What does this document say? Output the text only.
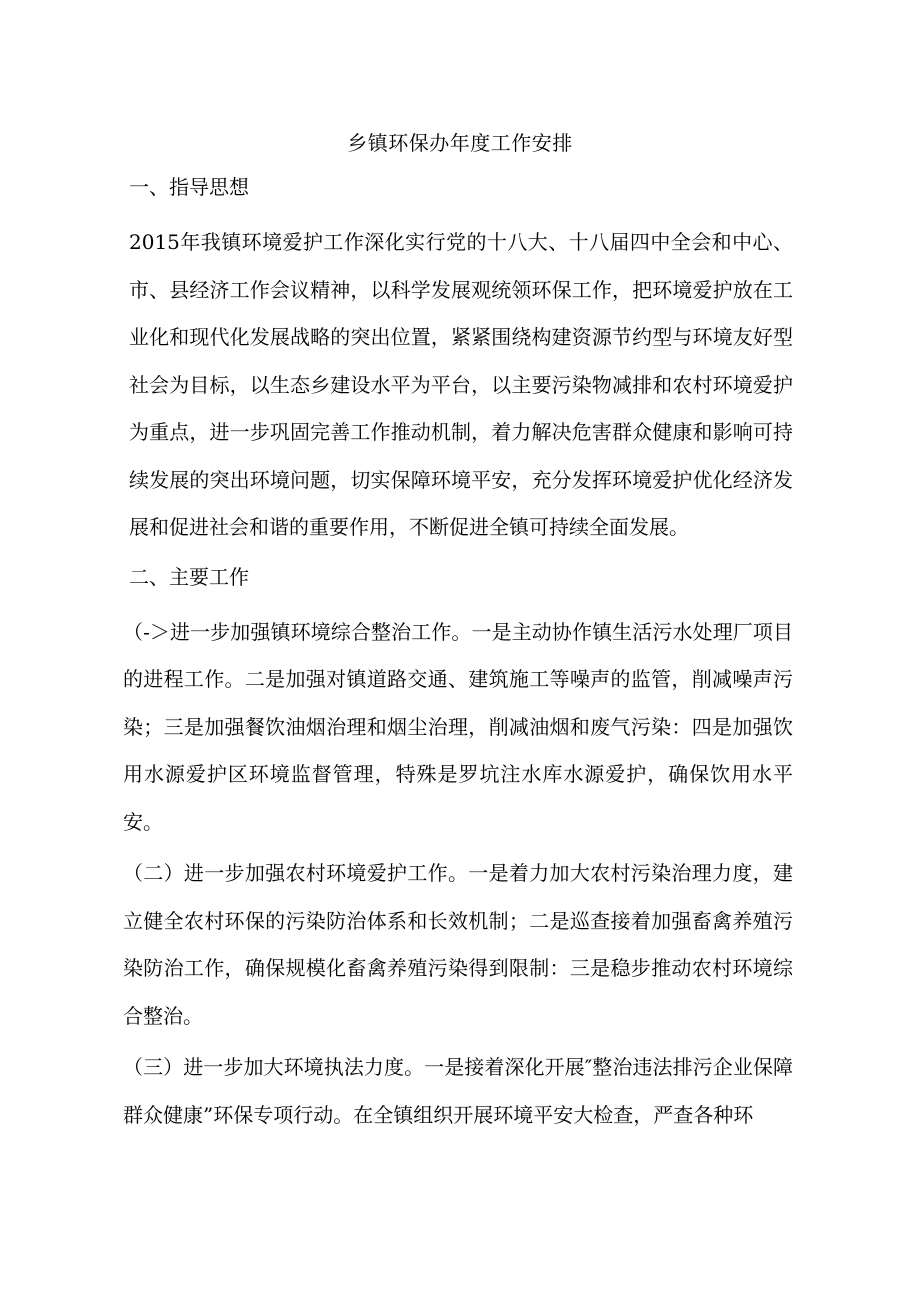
乡镇环保办年度工作安排
一、指导思想

2015年我镇环境爱护工作深化实行党的十八大、十八届四中全会和中心、市、县经济工作会议精神，以科学发展观统领环保工作，把环境爱护放在工业化和现代化发展战略的突出位置，紧紧围绕构建资源节约型与环境友好型社会为目标，以生态乡建设水平为平台，以主要污染物减排和农村环境爱护为重点，进一步巩固完善工作推动机制，着力解决危害群众健康和影响可持续发展的突出环境问题，切实保障环境平安，充分发挥环境爱护优化经济发展和促进社会和谐的重要作用，不断促进全镇可持续全面发展。

二、主要工作

（-＞进一步加强镇环境综合整治工作。一是主动协作镇生活污水处理厂项目的进程工作。二是加强对镇道路交通、建筑施工等噪声的监管，削减噪声污染；三是加强餐饮油烟治理和烟尘治理，削减油烟和废气污染：四是加强饮用水源爱护区环境监督管理，特殊是罗坑注水库水源爱护，确保饮用水平安。

（二）进一步加强农村环境爱护工作。一是着力加大农村污染治理力度，建立健全农村环保的污染防治体系和长效机制；二是巡查接着加强畜禽养殖污染防治工作，确保规模化畜禽养殖污染得到限制：三是稳步推动农村环境综合整治。

（三）进一步加大环境执法力度。一是接着深化开展″整治违法排污企业保障群众健康”环保专项行动。在全镇组织开展环境平安大检查，严查各种环
